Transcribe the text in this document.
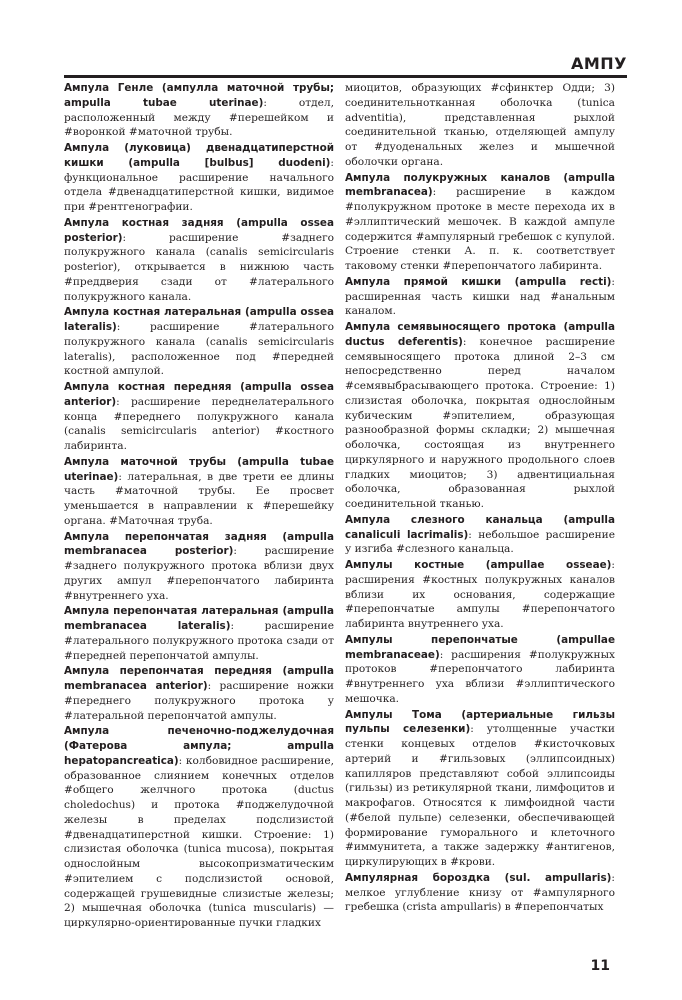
АМПУ

Ампула Генле (ампулла маточной трубы; ampulla tubae uterinae): отдел, расположенный между #перешейком и #воронкой #маточной трубы.

Ампула (луковица) двенадцатиперстной кишки (ampulla [bulbus] duodeni): функциональное расширение начального отдела #двенадцатиперстной кишки, видимое при #рентгенографии.

Ампула костная задняя (ampulla ossea posterior): расширение #заднего полукружного канала (canalis semicircularis posterior), открывается в нижнюю часть #преддверия сзади от #латерального полукружного канала.

Ампула костная латеральная (ampulla ossea lateralis): расширение #латерального полукружного канала (canalis semicircularis lateralis), расположенное под #передней костной ампулой.

Ампула костная передняя (ampulla ossea anterior): расширение переднелатерального конца #переднего полукружного канала (canalis semicircularis anterior) #костного лабиринта.

Ампула маточной трубы (ampulla tubae uterinae): латеральная, в две трети ее длины часть #маточной трубы. Ее просвет уменьшается в направлении к #перешейку органа. #Маточная труба.

Ампула перепончатая задняя (ampulla membranacea posterior): расширение #заднего полукружного протока вблизи двух других ампул #перепончатого лабиринта #внутреннего уха.

Ампула перепончатая латеральная (ampulla membranacea lateralis): расширение #латерального полукружного протока сзади от #передней перепончатой ампулы.

Ампула перепончатая передняя (ampulla membranacea anterior): расширение ножки #переднего полукружного протока у #латеральной перепончатой ампулы.

Ампула печеночно-поджелудочная (Фатерова ампула; ampulla hepatopancreatica): колбовидное расширение, образованное слиянием конечных отделов #общего желчного протока (ductus choledochus) и протока #поджелудочной железы в пределах подслизистой #двенадцатиперстной кишки. Строение: 1) слизистая оболочка (tunica mucosa), покрытая однослойным высокопризматическим #эпителием с подслизистой основой, содержащей грушевидные слизистые железы; 2) мышечная оболочка (tunica muscularis) — циркулярно-ориентированные пучки гладких

миоцитов, образующих #сфинктер Одди; 3) соединительнотканная оболочка (tunica adventitia), представленная рыхлой соединительной тканью, отделяющей ампулу от #дуоденальных желез и мышечной оболочки органа.

Ампула полукружных каналов (ampulla membranacea): расширение в каждом #полукружном протоке в месте перехода их в #эллиптический мешочек. В каждой ампуле содержится #ампулярный гребешок с купулой. Строение стенки А. п. к. соответствует таковому стенки #перепончатого лабиринта.

Ампула прямой кишки (ampulla recti): расширенная часть кишки над #анальным каналом.

Ампула семявыносящего протока (ampulla ductus deferentis): конечное расширение семявыносящего протока длиной 2–3 см непосредственно перед началом #семявыбрасывающего протока. Строение: 1) слизистая оболочка, покрытая однослойным кубическим #эпителием, образующая разнообразной формы складки; 2) мышечная оболочка, состоящая из внутреннего циркулярного и наружного продольного слоев гладких миоцитов; 3) адвентициальная оболочка, образованная рыхлой соединительной тканью.

Ампула слезного канальца (ampulla canaliculi lacrimalis): небольшое расширение у изгиба #слезного канальца.

Ампулы костные (ampullae osseae): расширения #костных полукружных каналов вблизи их основания, содержащие #перепончатые ампулы #перепончатого лабиринта внутреннего уха.

Ампулы перепончатые (ampullae membranaceae): расширения #полукружных протоков #перепончатого лабиринта #внутреннего уха вблизи #эллиптического мешочка.

Ампулы Тома (артериальные гильзы пульпы селезенки): утолщенные участки стенки концевых отделов #кисточковых артерий и #гильзовых (эллипсоидных) капилляров представляют собой эллипсоиды (гильзы) из ретикулярной ткани, лимфоцитов и макрофагов. Относятся к лимфоидной части (#белой пульпе) селезенки, обеспечивающей формирование гуморального и клеточного #иммунитета, а также задержку #антигенов, циркулирующих в #крови.

Ампулярная бороздка (sul. ampullaris): мелкое углубление книзу от #ампулярного гребешка (crista ampullaris) в #перепончатых

11
